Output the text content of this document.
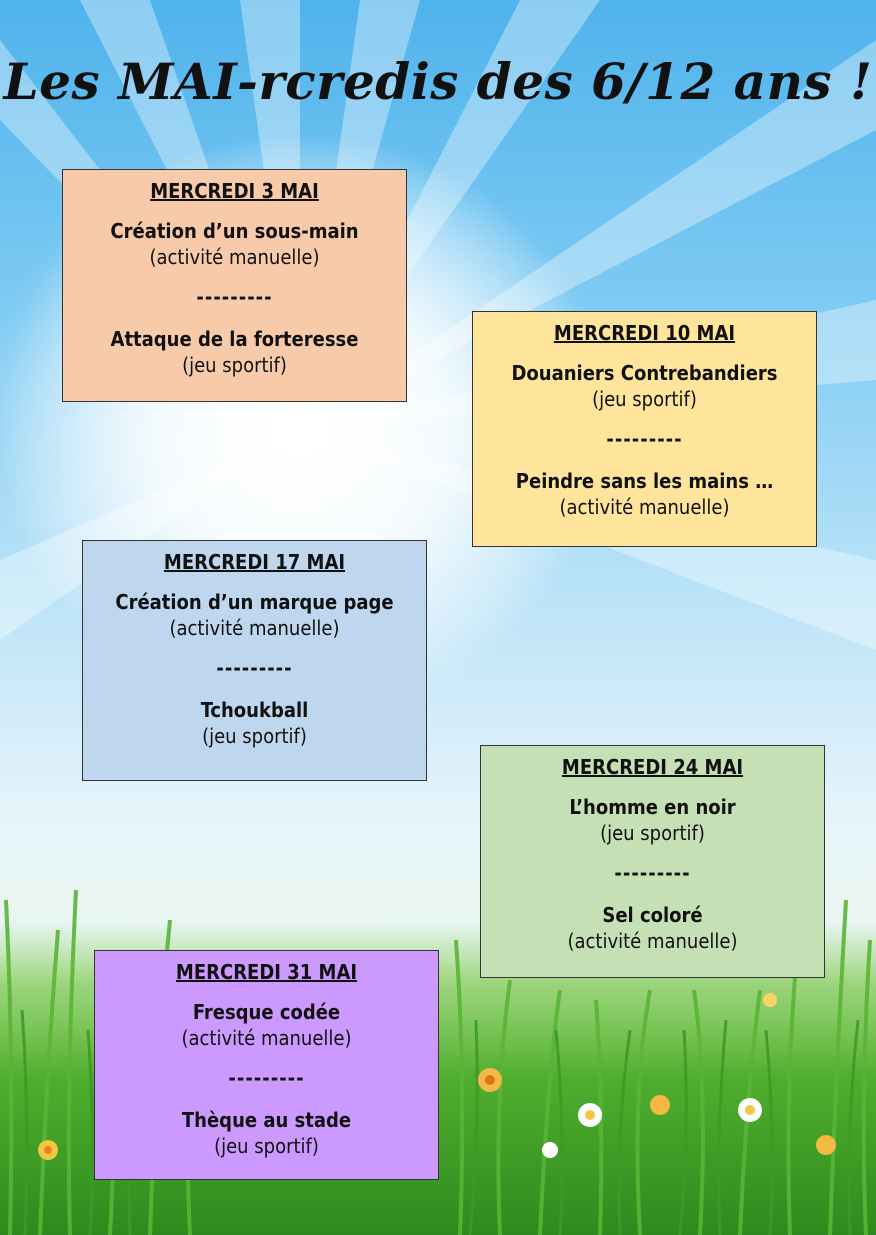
Les MAI-rcredis des 6/12 ans !
MERCREDI 3 MAI
Création d’un sous-main
(activité manuelle)
---------
Attaque de la forteresse
(jeu sportif)
MERCREDI 10 MAI
Douaniers Contrebandiers
(jeu sportif)
---------
Peindre sans les mains …
(activité manuelle)
MERCREDI 17 MAI
Création d’un marque page
(activité manuelle)
---------
Tchoukball
(jeu sportif)
MERCREDI 24 MAI
L’homme en noir
(jeu sportif)
---------
Sel coloré
(activité manuelle)
MERCREDI 31 MAI
Fresque codée
(activité manuelle)
---------
Thèque au stade
(jeu sportif)
